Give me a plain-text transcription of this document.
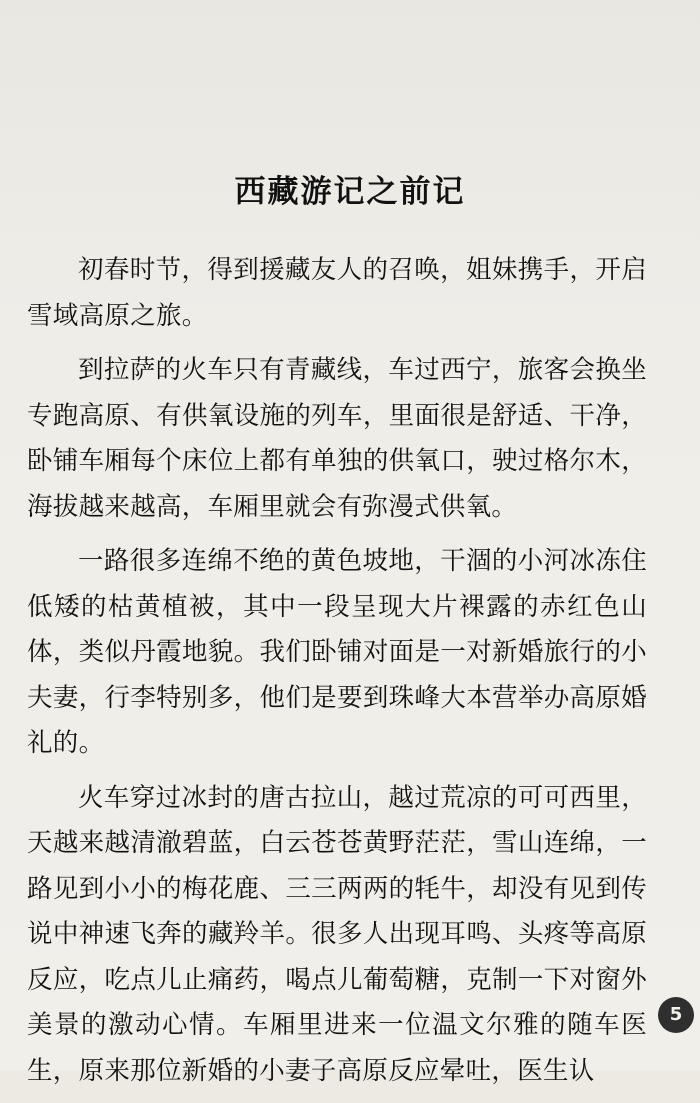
西藏游记之前记

初春时节，得到援藏友人的召唤，姐妹携手，开启雪域高原之旅。

到拉萨的火车只有青藏线，车过西宁，旅客会换坐专跑高原、有供氧设施的列车，里面很是舒适、干净，卧铺车厢每个床位上都有单独的供氧口，驶过格尔木，海拔越来越高，车厢里就会有弥漫式供氧。

一路很多连绵不绝的黄色坡地，干涸的小河冰冻住低矮的枯黄植被，其中一段呈现大片裸露的赤红色山体，类似丹霞地貌。我们卧铺对面是一对新婚旅行的小夫妻，行李特别多，他们是要到珠峰大本营举办高原婚礼的。

火车穿过冰封的唐古拉山，越过荒凉的可可西里，天越来越清澈碧蓝，白云苍苍黄野茫茫，雪山连绵，一路见到小小的梅花鹿、三三两两的牦牛，却没有见到传说中神速飞奔的藏羚羊。很多人出现耳鸣、头疼等高原反应，吃点儿止痛药，喝点儿葡萄糖，克制一下对窗外美景的激动心情。车厢里进来一位温文尔雅的随车医生，原来那位新婚的小妻子高原反应晕吐，医生认

5
